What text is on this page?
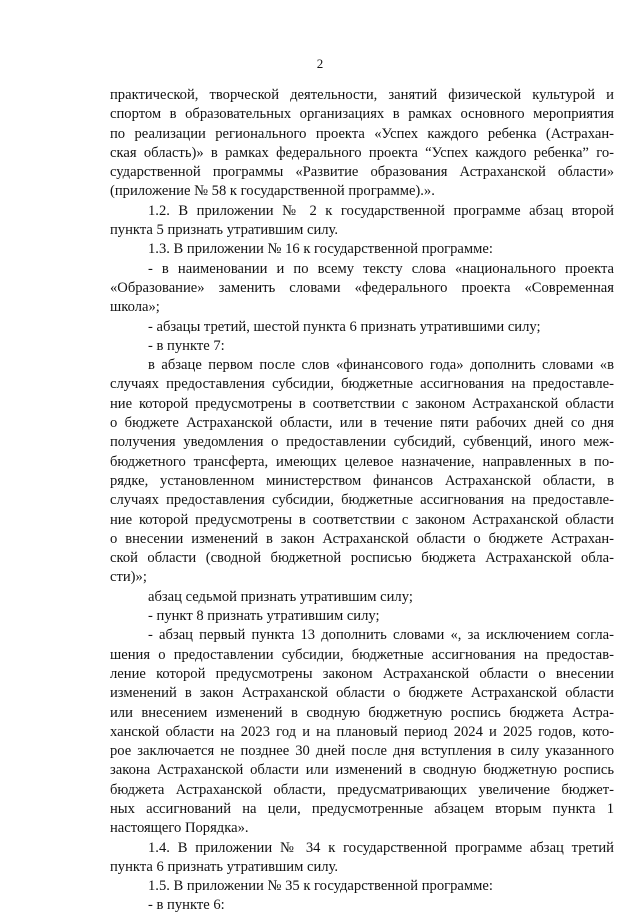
2
практической, творческой деятельности, занятий физической культурой и
спортом в образовательных организациях в рамках основного мероприятия
по реализации регионального проекта «Успех каждого ребенка (Астрахан-
ская область)» в рамках федерального проекта “Успех каждого ребенка” го-
сударственной программы «Развитие образования Астраханской области»
(приложение № 58 к государственной программе).».
1.2. В приложении № 2 к государственной программе абзац второй
пункта 5 признать утратившим силу.
1.3. В приложении № 16 к государственной программе:
- в наименовании и по всему тексту слова «национального проекта
«Образование» заменить словами «федерального проекта «Современная
школа»;
- абзацы третий, шестой пункта 6 признать утратившими силу;
- в пункте 7:
в абзаце первом после слов «финансового года» дополнить словами «в
случаях предоставления субсидии, бюджетные ассигнования на предоставле-
ние которой предусмотрены в соответствии с законом Астраханской области
о бюджете Астраханской области, или в течение пяти рабочих дней со дня
получения уведомления о предоставлении субсидий, субвенций, иного меж-
бюджетного трансферта, имеющих целевое назначение, направленных в по-
рядке, установленном министерством финансов Астраханской области, в
случаях предоставления субсидии, бюджетные ассигнования на предоставле-
ние которой предусмотрены в соответствии с законом Астраханской области
о внесении изменений в закон Астраханской области о бюджете Астрахан-
ской области (сводной бюджетной росписью бюджета Астраханской обла-
сти)»;
абзац седьмой признать утратившим силу;
- пункт 8 признать утратившим силу;
- абзац первый пункта 13 дополнить словами «, за исключением согла-
шения о предоставлении субсидии, бюджетные ассигнования на предостав-
ление которой предусмотрены законом Астраханской области о внесении
изменений в закон Астраханской области о бюджете Астраханской области
или внесением изменений в сводную бюджетную роспись бюджета Астра-
ханской области на 2023 год и на плановый период 2024 и 2025 годов, кото-
рое заключается не позднее 30 дней после дня вступления в силу указанного
закона Астраханской области или изменений в сводную бюджетную роспись
бюджета Астраханской области, предусматривающих увеличение бюджет-
ных ассигнований на цели, предусмотренные абзацем вторым пункта 1
настоящего Порядка».
1.4. В приложении № 34 к государственной программе абзац третий
пункта 6 признать утратившим силу.
1.5. В приложении № 35 к государственной программе:
- в пункте 6:
